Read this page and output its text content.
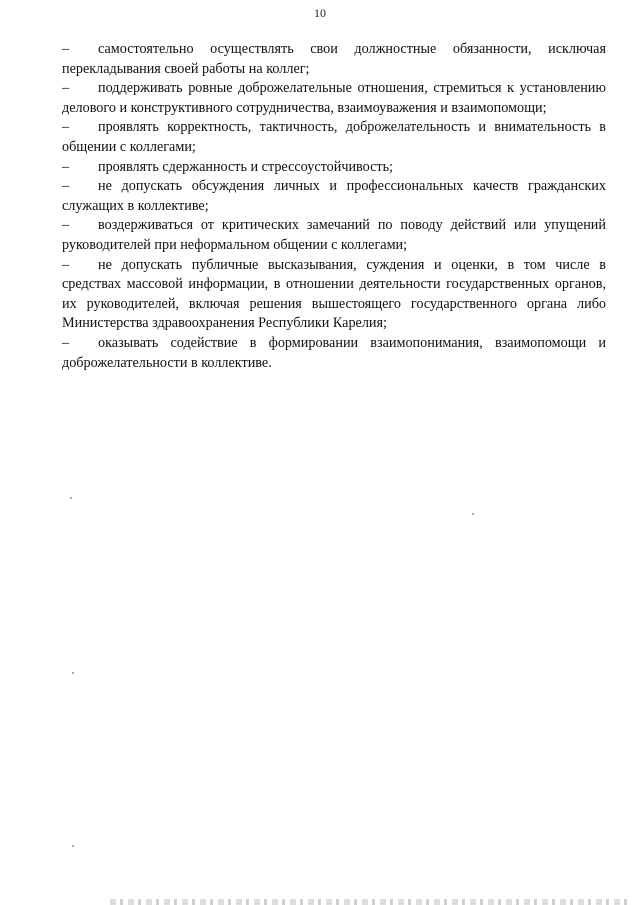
10

– самостоятельно осуществлять свои должностные обязанности, исключая перекладывания своей работы на коллег;

– поддерживать ровные доброжелательные отношения, стремиться к установлению делового и конструктивного сотрудничества, взаимоуважения и взаимопомощи;

– проявлять корректность, тактичность, доброжелательность и внимательность в общении с коллегами;

– проявлять сдержанность и стрессоустойчивость;

– не допускать обсуждения личных и профессиональных качеств гражданских служащих в коллективе;

– воздерживаться от критических замечаний по поводу действий или упущений руководителей при неформальном общении с коллегами;

– не допускать публичные высказывания, суждения и оценки, в том числе в средствах массовой информации, в отношении деятельности государственных органов, их руководителей, включая решения вышестоящего государственного органа либо Министерства здравоохранения Республики Карелия;

– оказывать содействие в формировании взаимопонимания, взаимопомощи и доброжелательности в коллективе.
